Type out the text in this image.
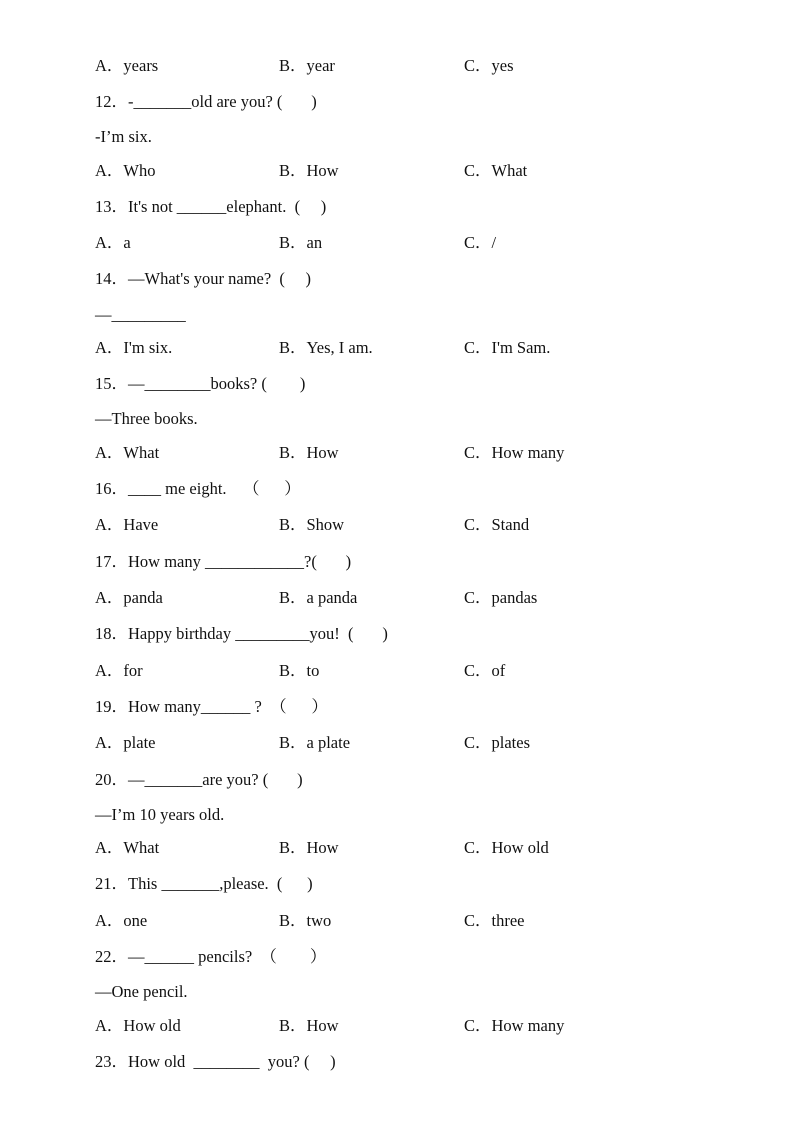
A．years	B．year	C．yes
12．-_______old are you? (       )
-I’m six.
A．Who	B．How	C．What
13．It's not ______elephant.  (     )
A．a	B．an	C．/
14．—What's your name?  (     )
—_________
A．I'm six.	B．Yes, I am.	C．I'm Sam.
15．—________books? (        )
—Three books.
A．What	B．How	C．How many
16．____ me eight.    （      ）
A．Have	B．Show	C．Stand
17．How many ____________?(       )
A．panda	B．a panda	C．pandas
18．Happy birthday _________you!  (       )
A．for	B．to	C．of
19．How many______ ?  （      ）
A．plate	B．a plate	C．plates
20．—_______are you? (       )
—I’m 10 years old.
A．What	B．How	C．How old
21．This _______,please.  (      )
A．one	B．two	C．three
22．—______ pencils?  （        ）
—One pencil.
A．How old	B．How	C．How many
23．How old  ________  you? (     )
